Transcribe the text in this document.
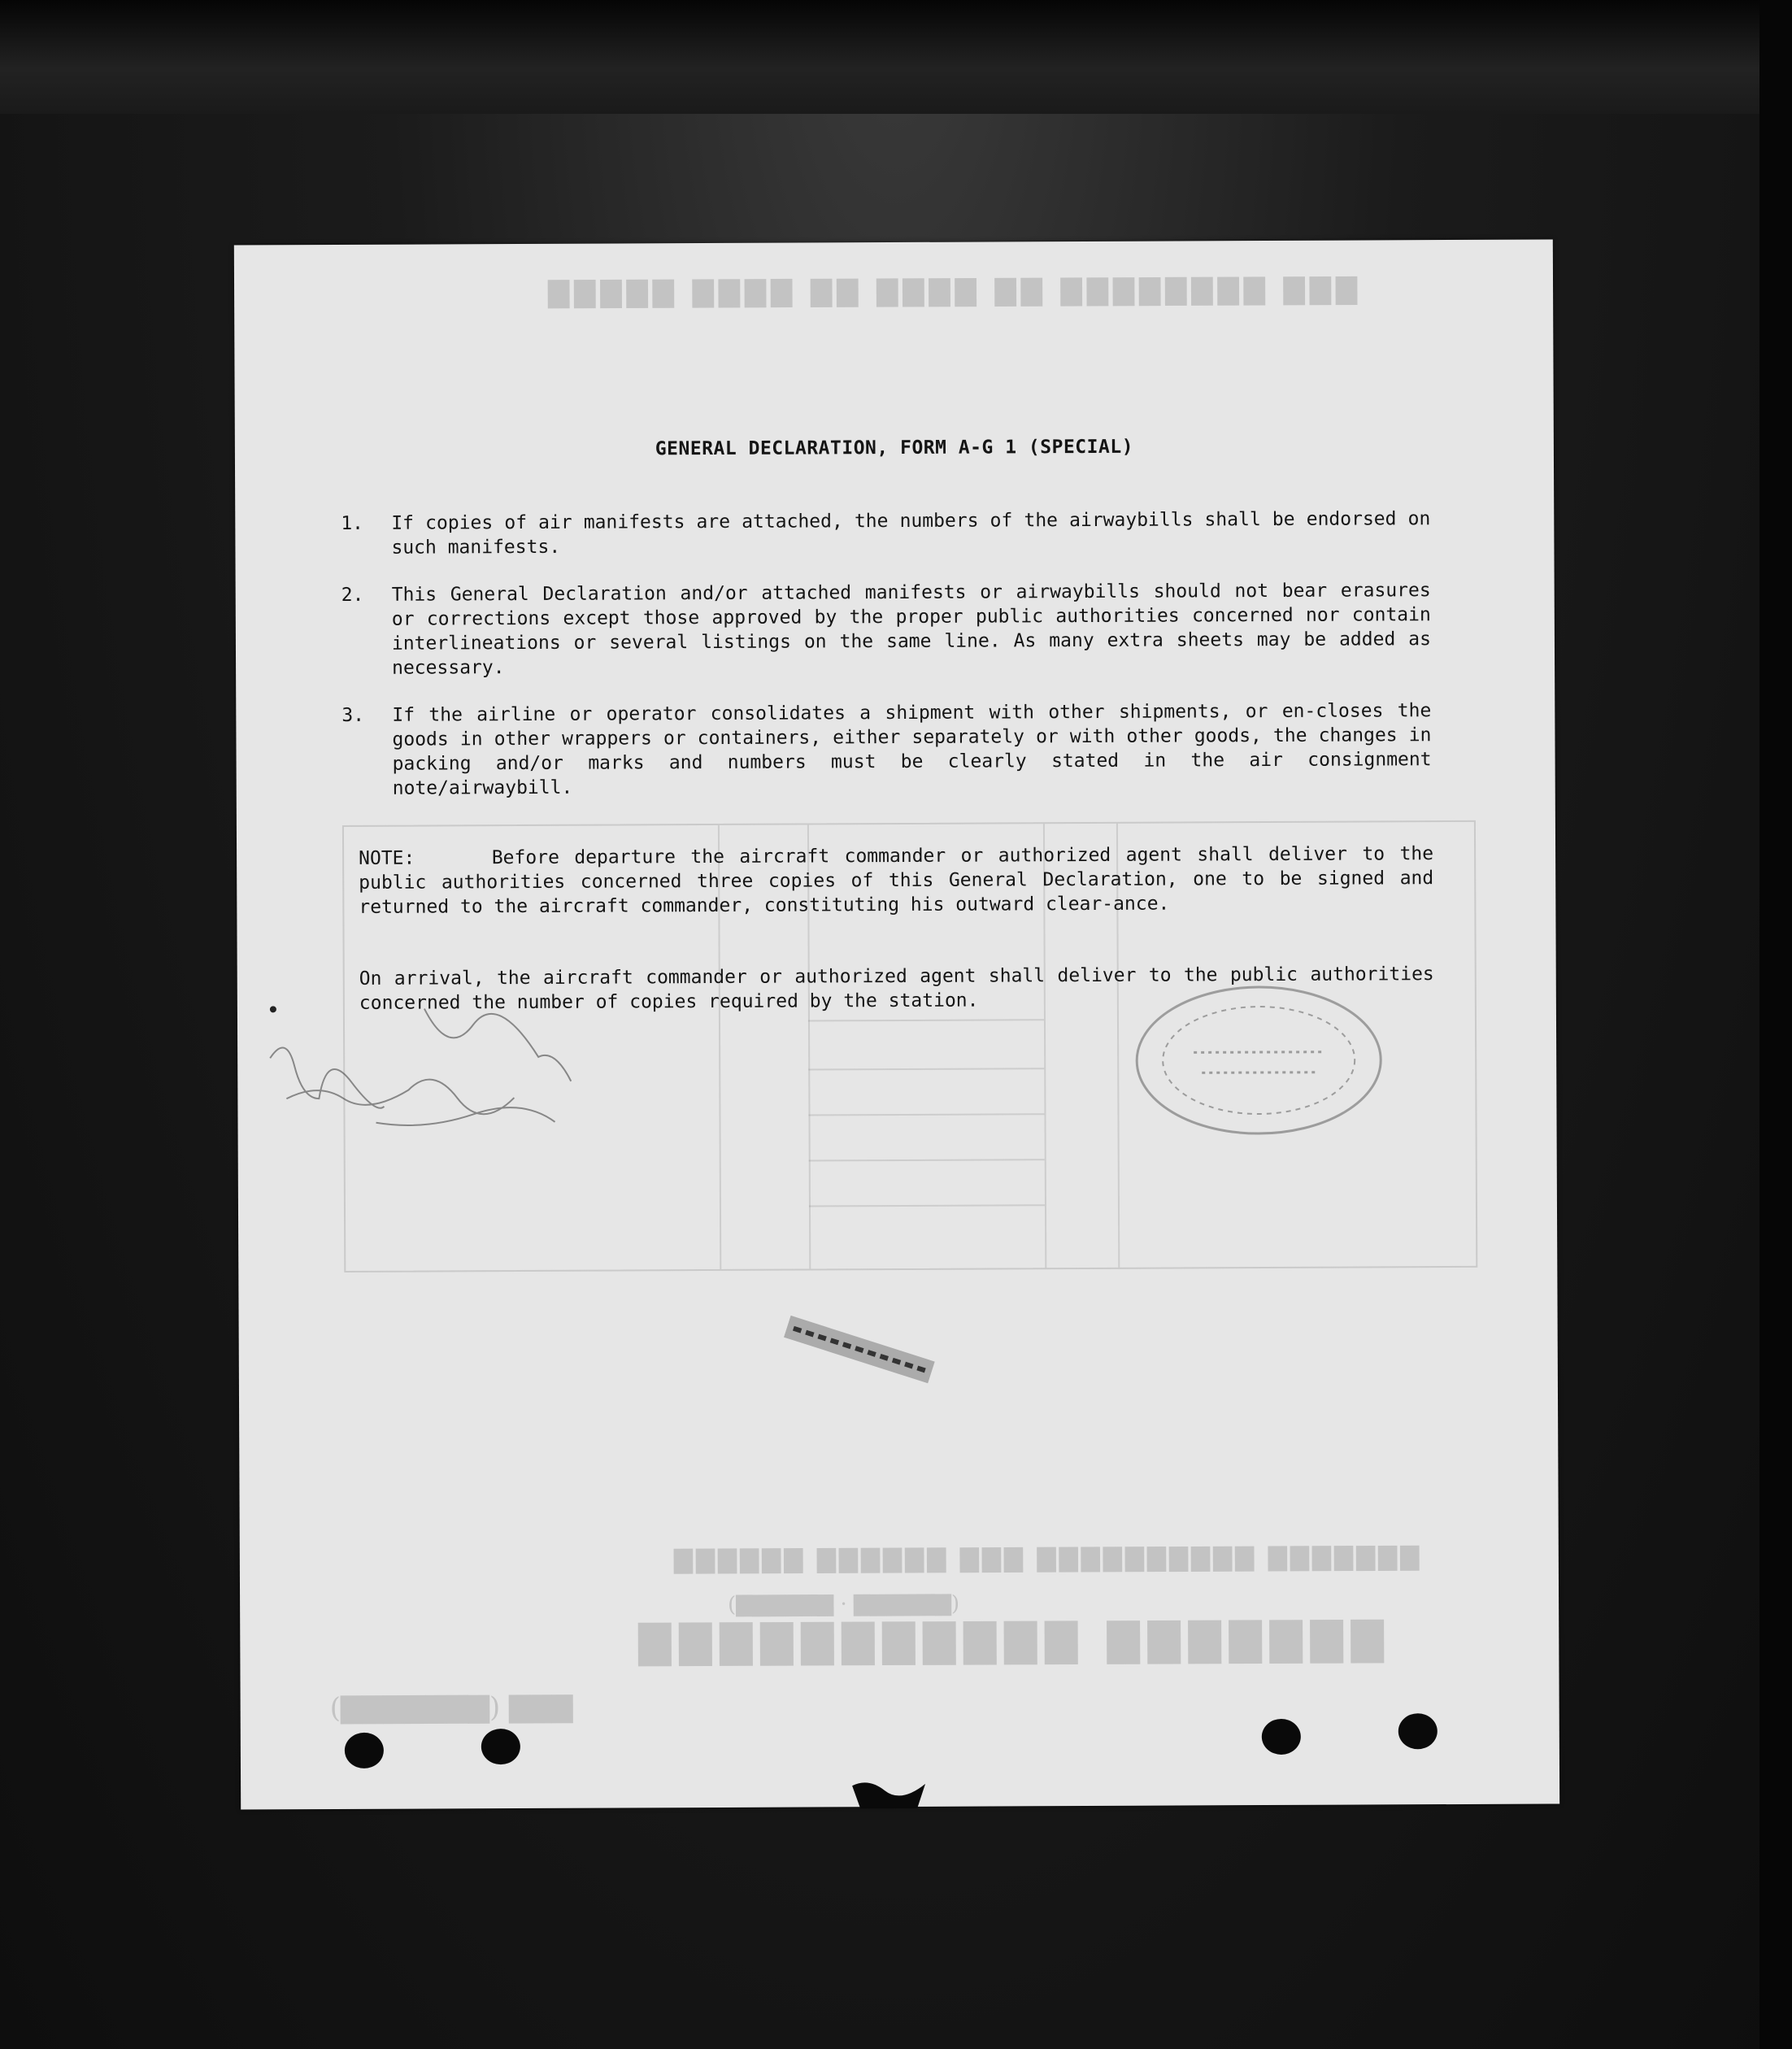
▇▇▇ ▇▇▇▇▇▇▇▇ ▇▇ ▇▇▇▇ ▇▇ ▇▇▇▇ ▇▇▇▇▇
▇▇▇▇▇▇▇ ▇▇▇▇▇▇▇▇▇▇ ▇▇▇ ▇▇▇▇▇▇ ▇▇▇▇▇▇
(▇▇▇▇▇▇ · ▇▇▇▇▇▇)
▇▇▇▇▇▇▇ ▇▇▇▇▇▇▇▇▇▇▇
▇▇▇ (▇▇▇▇▇▇▇)
GENERAL DECLARATION, FORM A-G 1 (SPECIAL)
1.	If copies of air manifests are attached, the numbers of the airwaybills shall be endorsed on such manifests.
2.	This General Declaration and/or attached manifests or airwaybills should not bear erasures or corrections except those approved by the proper public authorities concerned nor contain interlineations or several listings on the same line. As many extra sheets may be added as necessary.
3.	If the airline or operator consolidates a shipment with other shipments, or en-closes the goods in other wrappers or containers, either separately or with other goods, the changes in packing and/or marks and numbers must be clearly stated in the air consignment note/airwaybill.
NOTE:	Before departure the aircraft commander or authorized agent shall deliver to the public authorities concerned three copies of this General Declaration, one to be signed and returned to the aircraft commander, constituting his outward clear-ance.
On arrival, the aircraft commander or authorized agent shall deliver to the public authorities concerned the number of copies required by the station.
